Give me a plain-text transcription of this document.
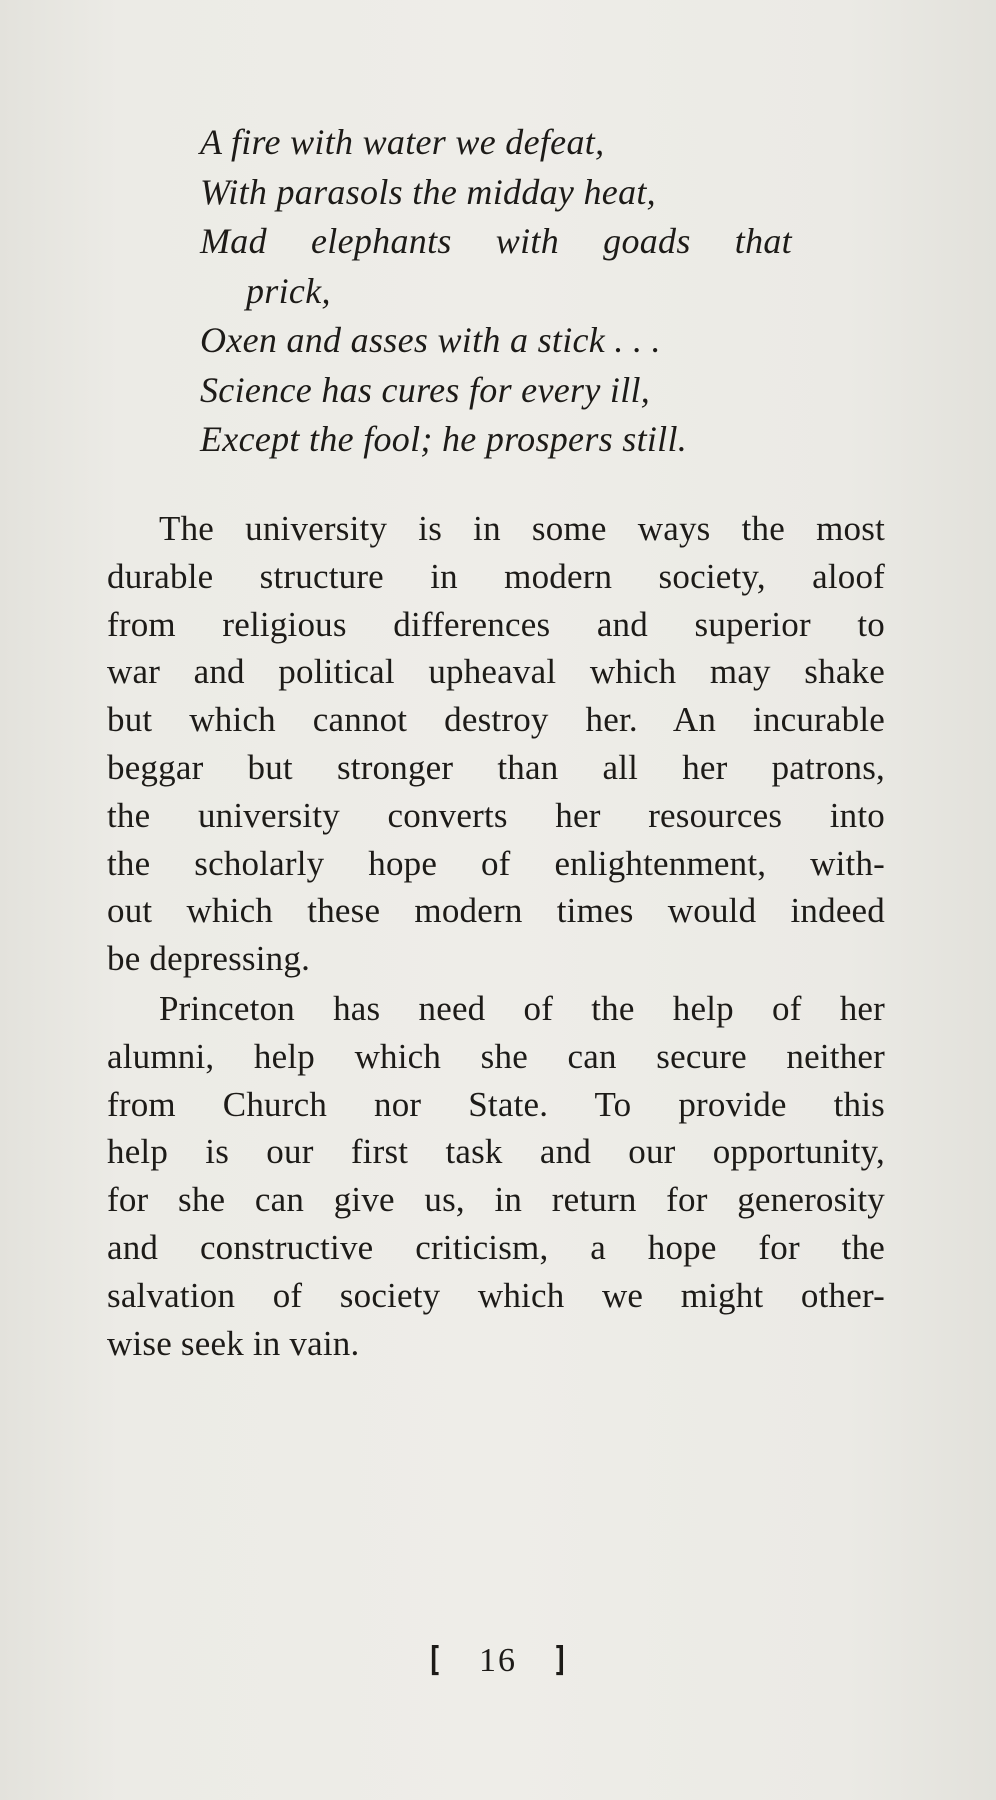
A fire with water we defeat,
With parasols the midday heat,
Mad elephants with goads that
prick,
Oxen and asses with a stick . . .
Science has cures for every ill,
Except the fool; he prospers still.
The university is in some ways the most
durable structure in modern society, aloof
from religious differences and superior to
war and political upheaval which may shake
but which cannot destroy her. An incurable
beggar but stronger than all her patrons,
the university converts her resources into
the scholarly hope of enlightenment, with-
out which these modern times would indeed
be depressing.
Princeton has need of the help of her
alumni, help which she can secure neither
from Church nor State. To provide this
help is our first task and our opportunity,
for she can give us, in return for generosity
and constructive criticism, a hope for the
salvation of society which we might other-
wise seek in vain.
[ 16 ]
